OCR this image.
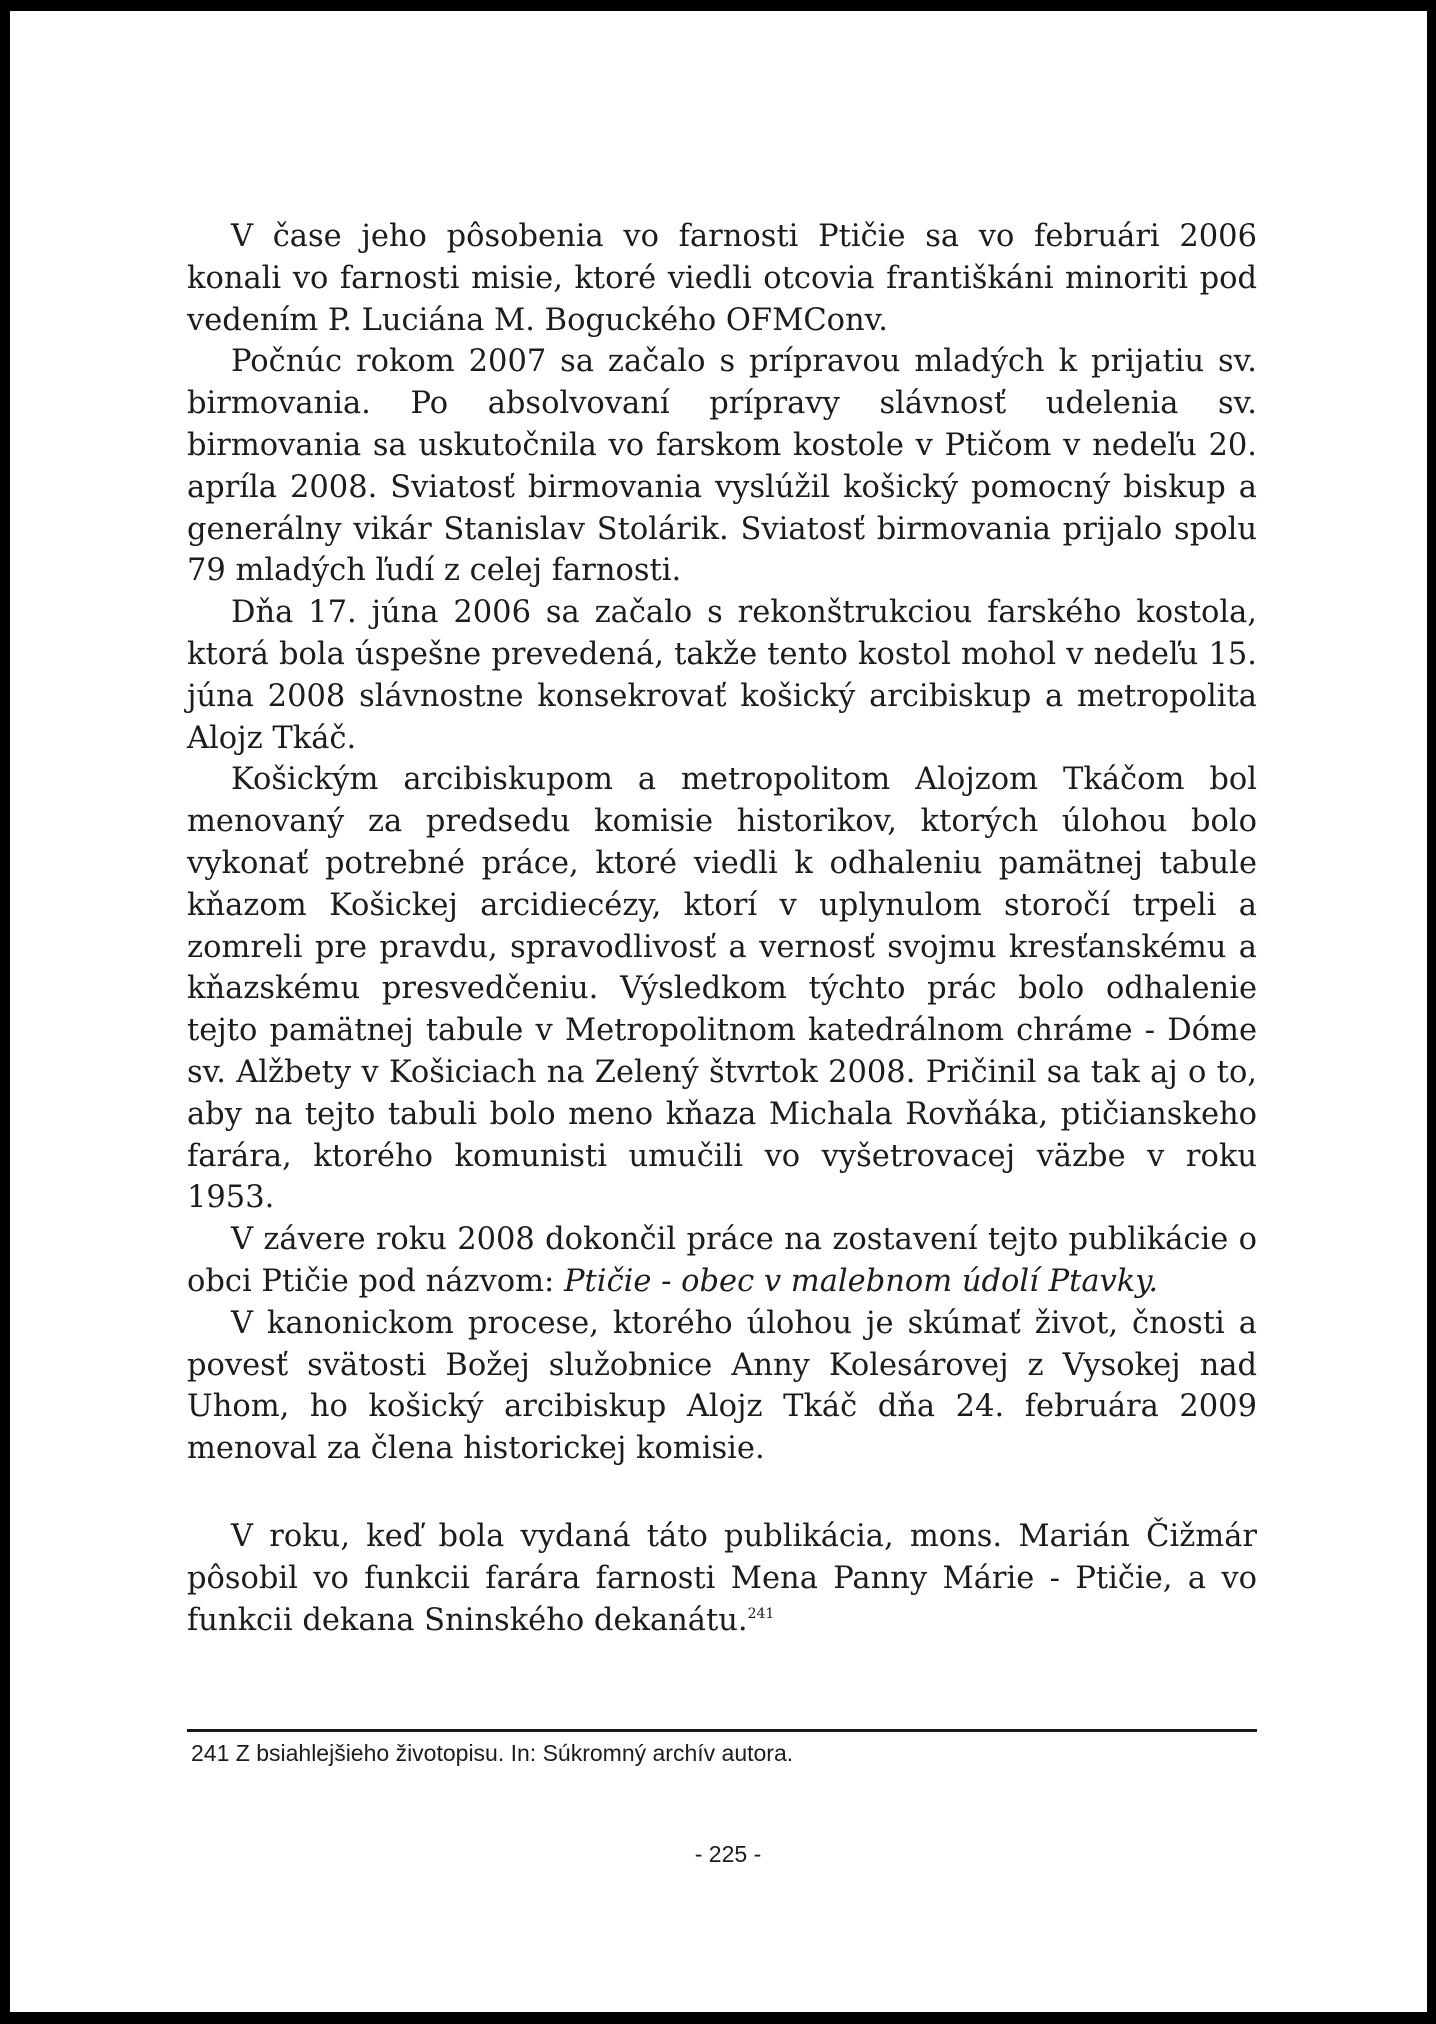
V čase jeho pôsobenia vo farnosti Ptičie sa vo februári 2006 konali vo farnosti misie, ktoré viedli otcovia františkáni minoriti pod vedením P. Luciána M. Boguckého OFMConv.

Počnúc rokom 2007 sa začalo s prípravou mladých k prijatiu sv. birmovania. Po absolvovaní prípravy slávnosť udelenia sv. birmovania sa uskutočnila vo farskom kostole v Ptičom v nedeľu 20. apríla 2008. Sviatosť birmovania vyslúžil košický pomocný biskup a generálny vikár Stanislav Stolárik. Sviatosť birmovania prijalo spolu 79 mladých ľudí z celej farnosti.

Dňa 17. júna 2006 sa začalo s rekonštrukciou farského kostola, ktorá bola úspešne prevedená, takže tento kostol mohol v nedeľu 15. júna 2008 slávnostne konsekrovať košický arcibiskup a metropolita Alojz Tkáč.

Košickým arcibiskupom a metropolitom Alojzom Tkáčom bol menovaný za predsedu komisie historikov, ktorých úlohou bolo vykonať potrebné práce, ktoré viedli k odhaleniu pamätnej tabule kňazom Košickej arcidiecézy, ktorí v uplynulom storočí trpeli a zomreli pre pravdu, spravodlivosť a vernosť svojmu kresťanskému a kňazskému presvedčeniu. Výsledkom týchto prác bolo odhalenie tejto pamätnej tabule v Metropolitnom katedrálnom chráme - Dóme sv. Alžbety v Košiciach na Zelený štvrtok 2008. Pričinil sa tak aj o to, aby na tejto tabuli bolo meno kňaza Michala Rovňáka, ptičianskeho farára, ktorého komunisti umučili vo vyšetrovacej väzbe v roku 1953.

V závere roku 2008 dokončil práce na zostavení tejto publikácie o obci Ptičie pod názvom: Ptičie - obec v malebnom údolí Ptavky.

V kanonickom procese, ktorého úlohou je skúmať život, čnosti a povesť svätosti Božej služobnice Anny Kolesárovej z Vysokej nad Uhom, ho košický arcibiskup Alojz Tkáč dňa 24. februára 2009 menoval za člena historickej komisie.

V roku, keď bola vydaná táto publikácia, mons. Marián Čižmár pôsobil vo funkcii farára farnosti Mena Panny Márie - Ptičie, a vo funkcii dekana Sninského dekanátu.$^{241}$

241 Z bsiahlejšieho životopisu. In: Súkromný archív autora.
- 225 -
